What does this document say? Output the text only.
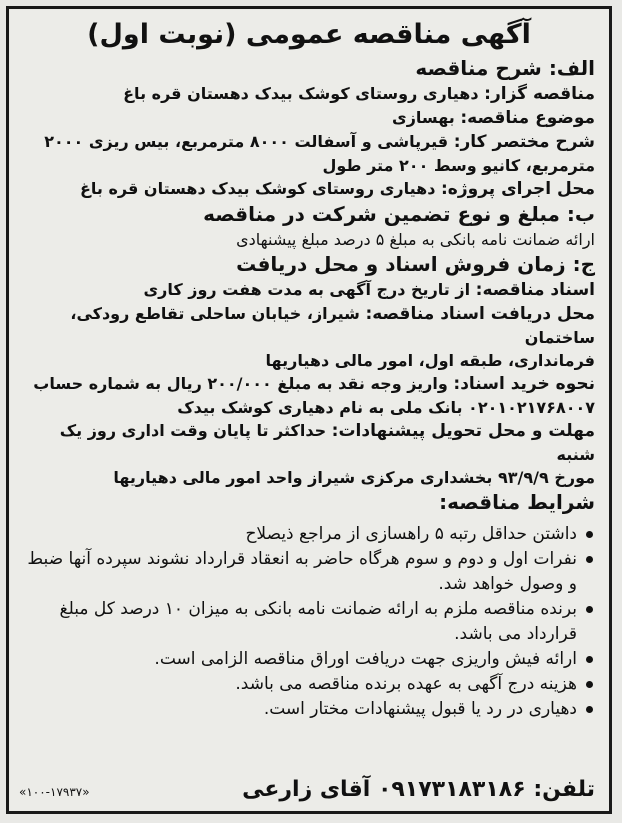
آگهی مناقصه عمومی (نوبت اول)
الف: شرح مناقصه
مناقصه گزار: دهیاری روستای کوشک بیدک دهستان قره باغ
موضوع مناقصه: بهسازی
شرح مختصر کار: قیرپاشی و آسفالت ۸۰۰۰ مترمربع، بیس ریزی ۲۰۰۰
مترمربع، کانیو وسط ۲۰۰ متر طول
محل اجرای پروژه: دهیاری روستای کوشک بیدک دهستان قره باغ
ب: مبلغ و نوع تضمین شرکت در مناقصه
ارائه ضمانت نامه بانکی به مبلغ ۵ درصد مبلغ پیشنهادی
ج: زمان فروش اسناد و محل دریافت
اسناد مناقصه: از تاریخ درج آگهی به مدت هفت روز کاری
محل دریافت اسناد مناقصه: شیراز، خیابان ساحلی تقاطع رودکی، ساختمان
فرمانداری، طبقه اول، امور مالی دهیاریها
نحوه خرید اسناد: واریز وجه نقد به مبلغ ۲۰۰/۰۰۰ ریال به شماره حساب
۰۲۰۱۰۲۱۷۶۸۰۰۷ بانک ملی به نام دهیاری کوشک بیدک
مهلت و محل تحویل پیشنهادات: حداکثر تا پایان وقت اداری روز یک شنبه
مورخ ۹۳/۹/۹ بخشداری مرکزی شیراز واحد امور مالی دهیاریها
شرایط مناقصه:
داشتن حداقل رتبه ۵ راهسازی از مراجع ذیصلاح
نفرات اول و دوم و سوم هرگاه حاضر به انعقاد قرارداد نشوند سپرده آنها ضبط و وصول خواهد شد.
برنده مناقصه ملزم به ارائه ضمانت نامه بانکی به میزان ۱۰ درصد کل مبلغ قرارداد می باشد.
ارائه فیش واریزی جهت دریافت اوراق مناقصه الزامی است.
هزینه درج آگهی به عهده برنده مناقصه می باشد.
دهیاری در رد یا قبول پیشنهادات مختار است.
تلفن: ۰۹۱۷۳۱۸۳۱۸۶ آقای زارعی
«۱۰۰-۱۷۹۳۷»
